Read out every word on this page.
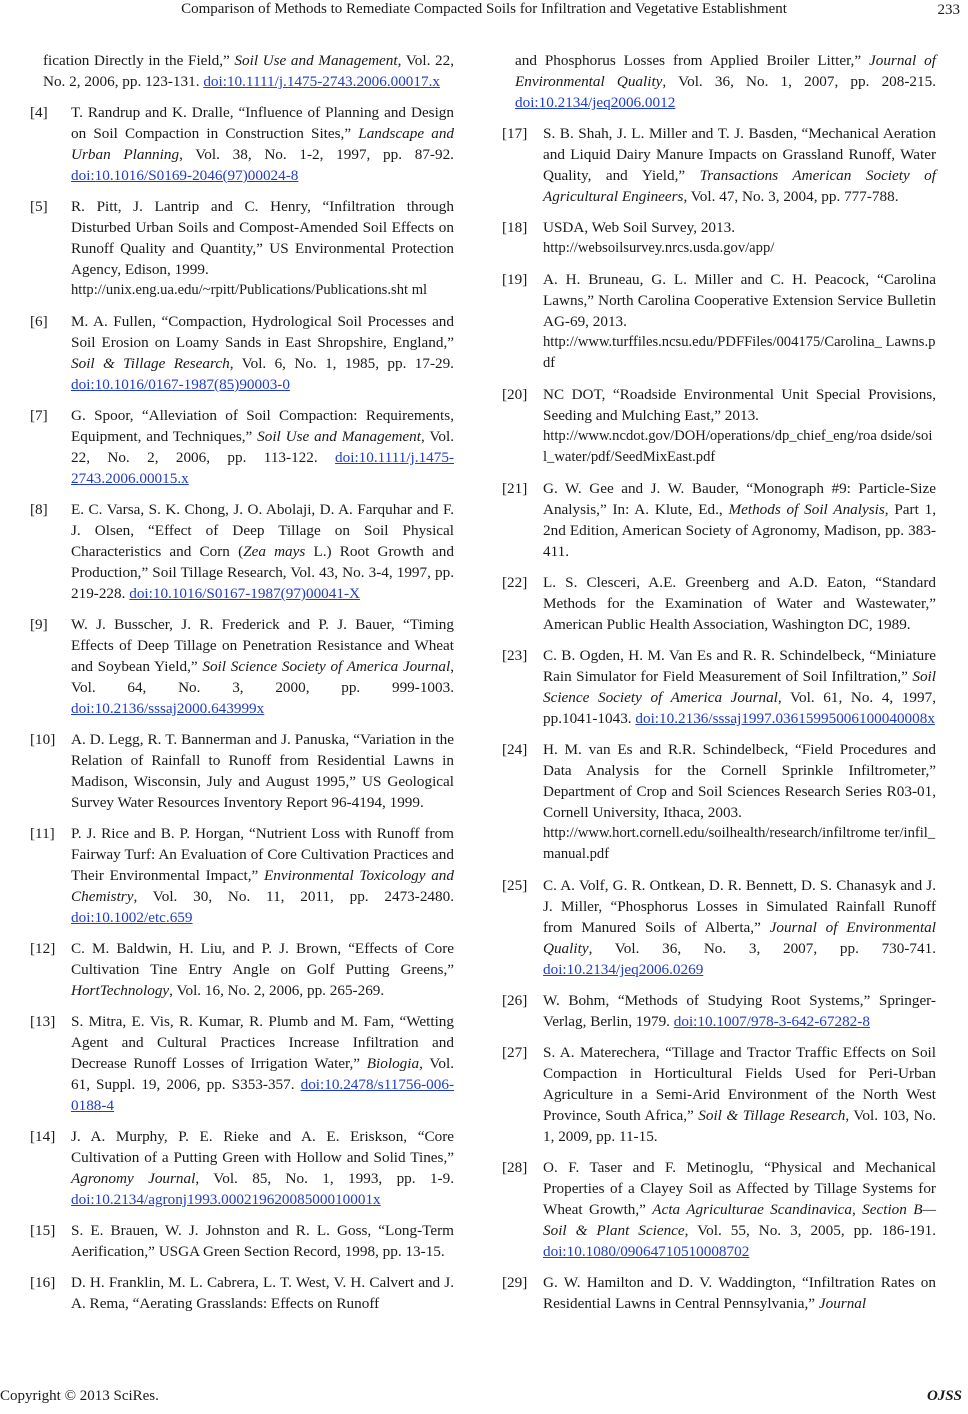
Comparison of Methods to Remediate Compacted Soils for Infiltration and Vegetative Establishment	233
fication Directly in the Field,” Soil Use and Management, Vol. 22, No. 2, 2006, pp. 123-131. doi:10.1111/j.1475-2743.2006.00017.x
[4] T. Randrup and K. Dralle, “Influence of Planning and Design on Soil Compaction in Construction Sites,” Landscape and Urban Planning, Vol. 38, No. 1-2, 1997, pp. 87-92. doi:10.1016/S0169-2046(97)00024-8
[5] R. Pitt, J. Lantrip and C. Henry, “Infiltration through Disturbed Urban Soils and Compost-Amended Soil Effects on Runoff Quality and Quantity,” US Environmental Protection Agency, Edison, 1999.
http://unix.eng.ua.edu/~rpitt/Publications/Publications.sht ml
[6] M. A. Fullen, “Compaction, Hydrological Soil Processes and Soil Erosion on Loamy Sands in East Shropshire, England,” Soil & Tillage Research, Vol. 6, No. 1, 1985, pp. 17-29. doi:10.1016/0167-1987(85)90003-0
[7] G. Spoor, “Alleviation of Soil Compaction: Requirements, Equipment, and Techniques,” Soil Use and Management, Vol. 22, No. 2, 2006, pp. 113-122. doi:10.1111/j.1475-2743.2006.00015.x
[8] E. C. Varsa, S. K. Chong, J. O. Abolaji, D. A. Farquhar and F. J. Olsen, “Effect of Deep Tillage on Soil Physical Characteristics and Corn (Zea mays L.) Root Growth and Production,” Soil Tillage Research, Vol. 43, No. 3-4, 1997, pp. 219-228. doi:10.1016/S0167-1987(97)00041-X
[9] W. J. Busscher, J. R. Frederick and P. J. Bauer, “Timing Effects of Deep Tillage on Penetration Resistance and Wheat and Soybean Yield,” Soil Science Society of America Journal, Vol. 64, No. 3, 2000, pp. 999-1003. doi:10.2136/sssaj2000.643999x
[10] A. D. Legg, R. T. Bannerman and J. Panuska, “Variation in the Relation of Rainfall to Runoff from Residential Lawns in Madison, Wisconsin, July and August 1995,” US Geological Survey Water Resources Inventory Report 96-4194, 1999.
[11] P. J. Rice and B. P. Horgan, “Nutrient Loss with Runoff from Fairway Turf: An Evaluation of Core Cultivation Practices and Their Environmental Impact,” Environmental Toxicology and Chemistry, Vol. 30, No. 11, 2011, pp. 2473-2480. doi:10.1002/etc.659
[12] C. M. Baldwin, H. Liu, and P. J. Brown, “Effects of Core Cultivation Tine Entry Angle on Golf Putting Greens,” HortTechnology, Vol. 16, No. 2, 2006, pp. 265-269.
[13] S. Mitra, E. Vis, R. Kumar, R. Plumb and M. Fam, “Wetting Agent and Cultural Practices Increase Infiltration and Decrease Runoff Losses of Irrigation Water,” Biologia, Vol. 61, Suppl. 19, 2006, pp. S353-357. doi:10.2478/s11756-006-0188-4
[14] J. A. Murphy, P. E. Rieke and A. E. Eriskson, “Core Cultivation of a Putting Green with Hollow and Solid Tines,” Agronomy Journal, Vol. 85, No. 1, 1993, pp. 1-9. doi:10.2134/agronj1993.00021962008500010001x
[15] S. E. Brauen, W. J. Johnston and R. L. Goss, “Long-Term Aerification,” USGA Green Section Record, 1998, pp. 13-15.
[16] D. H. Franklin, M. L. Cabrera, L. T. West, V. H. Calvert and J. A. Rema, “Aerating Grasslands: Effects on Runoff
and Phosphorus Losses from Applied Broiler Litter,” Journal of Environmental Quality, Vol. 36, No. 1, 2007, pp. 208-215. doi:10.2134/jeq2006.0012
[17] S. B. Shah, J. L. Miller and T. J. Basden, “Mechanical Aeration and Liquid Dairy Manure Impacts on Grassland Runoff, Water Quality, and Yield,” Transactions American Society of Agricultural Engineers, Vol. 47, No. 3, 2004, pp. 777-788.
[18] USDA, Web Soil Survey, 2013.
http://websoilsurvey.nrcs.usda.gov/app/
[19] A. H. Bruneau, G. L. Miller and C. H. Peacock, “Carolina Lawns,” North Carolina Cooperative Extension Service Bulletin AG-69, 2013.
http://www.turffiles.ncsu.edu/PDFFiles/004175/Carolina_ Lawns.pdf
[20] NC DOT, “Roadside Environmental Unit Special Provisions, Seeding and Mulching East,” 2013.
http://www.ncdot.gov/DOH/operations/dp_chief_eng/roa dside/soil_water/pdf/SeedMixEast.pdf
[21] G. W. Gee and J. W. Bauder, “Monograph #9: Particle-Size Analysis,” In: A. Klute, Ed., Methods of Soil Analysis, Part 1, 2nd Edition, American Society of Agronomy, Madison, pp. 383-411.
[22] L. S. Clesceri, A.E. Greenberg and A.D. Eaton, “Standard Methods for the Examination of Water and Wastewater,” American Public Health Association, Washington DC, 1989.
[23] C. B. Ogden, H. M. Van Es and R. R. Schindelbeck, “Miniature Rain Simulator for Field Measurement of Soil Infiltration,” Soil Science Society of America Journal, Vol. 61, No. 4, 1997, pp.1041-1043. doi:10.2136/sssaj1997.03615995006100040008x
[24] H. M. van Es and R.R. Schindelbeck, “Field Procedures and Data Analysis for the Cornell Sprinkle Infiltrometer,” Department of Crop and Soil Sciences Research Series R03-01, Cornell University, Ithaca, 2003.
http://www.hort.cornell.edu/soilhealth/research/infiltrome ter/infil_manual.pdf
[25] C. A. Volf, G. R. Ontkean, D. R. Bennett, D. S. Chanasyk and J. J. Miller, “Phosphorus Losses in Simulated Rainfall Runoff from Manured Soils of Alberta,” Journal of Environmental Quality, Vol. 36, No. 3, 2007, pp. 730-741. doi:10.2134/jeq2006.0269
[26] W. Bohm, “Methods of Studying Root Systems,” Springer-Verlag, Berlin, 1979. doi:10.1007/978-3-642-67282-8
[27] S. A. Materechera, “Tillage and Tractor Traffic Effects on Soil Compaction in Horticultural Fields Used for Peri-Urban Agriculture in a Semi-Arid Environment of the North West Province, South Africa,” Soil & Tillage Research, Vol. 103, No. 1, 2009, pp. 11-15.
[28] O. F. Taser and F. Metinoglu, “Physical and Mechanical Properties of a Clayey Soil as Affected by Tillage Systems for Wheat Growth,” Acta Agriculturae Scandinavica, Section B—Soil & Plant Science, Vol. 55, No. 3, 2005, pp. 186-191. doi:10.1080/09064710510008702
[29] G. W. Hamilton and D. V. Waddington, “Infiltration Rates on Residential Lawns in Central Pennsylvania,” Journal
Copyright © 2013 SciRes.	OJSS
